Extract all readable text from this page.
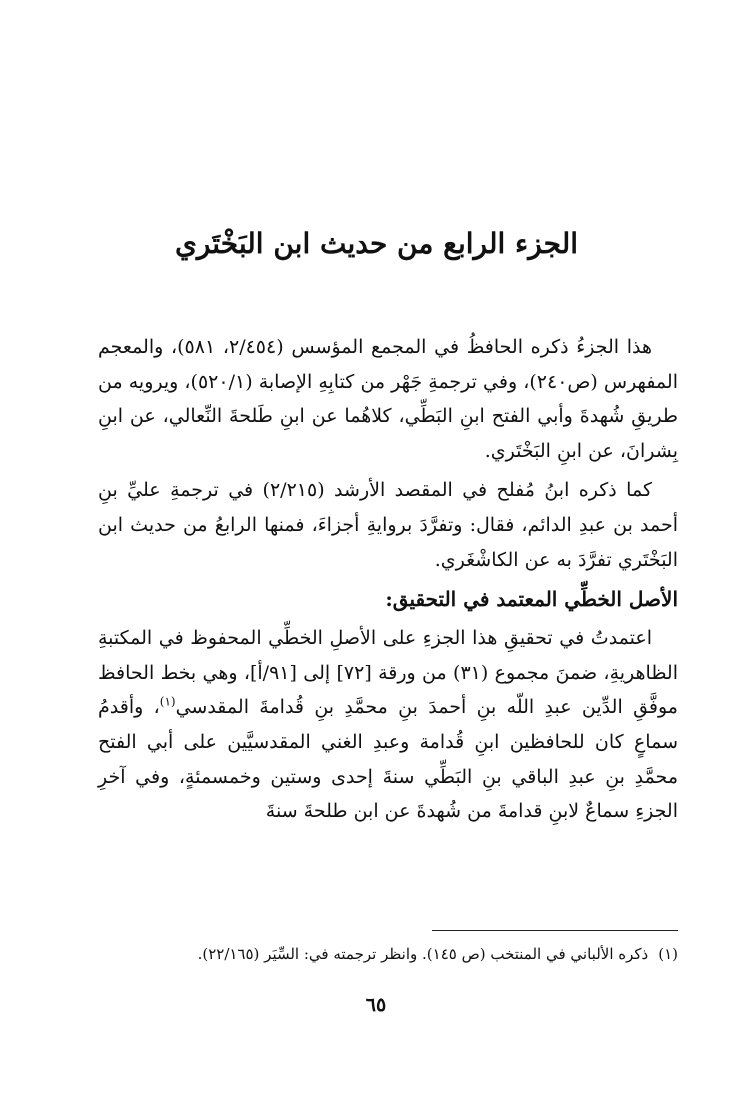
الجزء الرابع من حديث ابن البَخْتَري

هذا الجزءُ ذكره الحافظُ في المجمع المؤسس (٢/٤٥٤، ٥٨١)، والمعجم المفهرس (ص٢٤٠)، وفي ترجمةِ جَهْر من كتابِهِ الإصابة (٥٢٠/١)، ويرويه من طريقِ شُهدةَ وأبي الفتح ابنِ البَطِّي، كلاهُما عن ابنِ طَلحةَ النِّعالي، عن ابنِ بِشرانَ، عن ابنِ البَخْتَري.

كما ذكره ابنُ مُفلح في المقصد الأرشد (٢/٢١٥) في ترجمةِ عليِّ بنِ أحمد بن عبدِ الدائم، فقال: وتفرَّدَ بروايةِ أجزاءَ، فمنها الرابعُ من حديث ابن البَخْتَري تفرَّدَ به عن الكاشْغَري.

الأصل الخطِّي المعتمد في التحقيق:

اعتمدتُ في تحقيقِ هذا الجزءِ على الأصلِ الخطِّي المحفوظ في المكتبةِ الظاهريةِ، ضمنَ مجموع (٣١) من ورقة [٧٢] إلى [٩١/أ]، وهي بخط الحافظ موفَّقِ الدِّين عبدِ اللّه بنِ أحمدَ بنِ محمَّدِ بنِ قُدامةَ المقدسي$^{(١)}$، وأقدمُ سماعٍ كان للحافظين ابنِ قُدامة وعبدِ الغني المقدسيَّين على أبي الفتح محمَّدِ بنِ عبدِ الباقي بنِ البَطِّي سنةَ إحدى وستين وخمسمئةٍ، وفي آخرِ الجزءِ سماعٌ لابنِ قدامةَ من شُهدةَ عن ابن طلحةَ سنةَ

(١)ذكره الألباني في المنتخب (ص ١٤٥). وانظر ترجمته في: السِّيَر (٢٢/١٦٥).
٦٥
